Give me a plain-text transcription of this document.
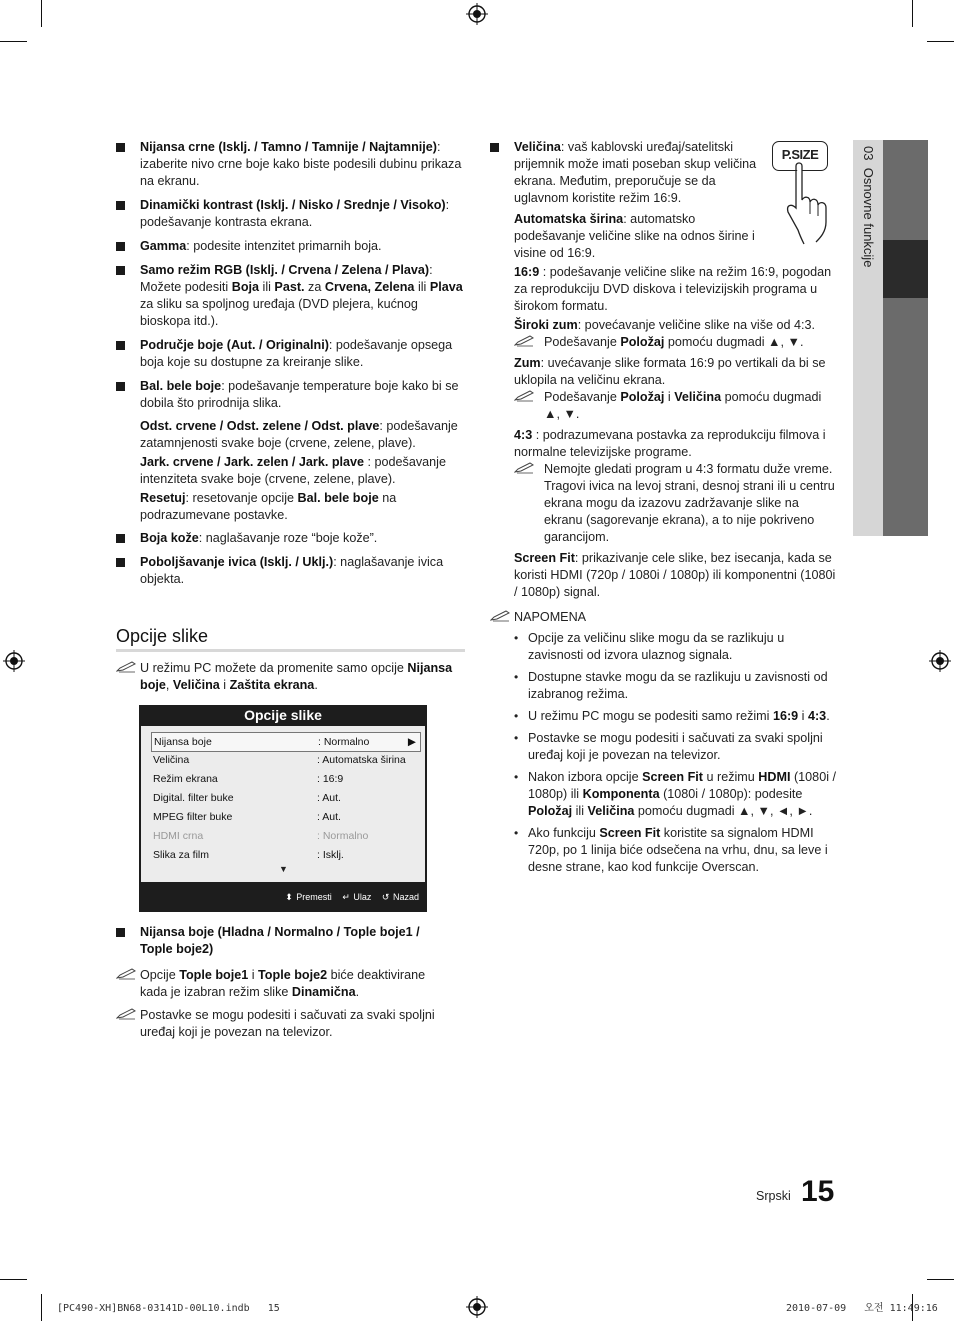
03  Osnovne funkcije
Nijansa crne (Isklj. / Tamno / Tamnije / Najtamnije): izaberite nivo crne boje kako biste podesili dubinu prikaza na ekranu.
Dinamički kontrast (Isklj. / Nisko / Srednje / Visoko): podešavanje kontrasta ekrana.
Gamma: podesite intenzitet primarnih boja.
Samo režim RGB (Isklj. / Crvena / Zelena / Plava): Možete podesiti Boja ili Past. za Crvena, Zelena ili Plava za sliku sa spoljnog uređaja (DVD plejera, kućnog bioskopa itd.).
Područje boje (Aut. / Originalni): podešavanje opsega boja koje su dostupne za kreiranje slike.
Bal. bele boje: podešavanje temperature boje kako bi se dobila što prirodnija slika.
Odst. crvene / Odst. zelene / Odst. plave: podešavanje zatamnjenosti svake boje (crvene, zelene, plave).
Jark. crvene / Jark. zelen / Jark. plave : podešavanje intenziteta svake boje (crvene, zelene, plave).
Resetuj: resetovanje opcije Bal. bele boje na podrazumevane postavke.
Boja kože: naglašavanje roze “boje kože”.
Poboljšavanje ivica (Isklj. / Uklj.): naglašavanje ivica objekta.
Opcije slike
U režimu PC možete da promenite samo opcije Nijansa boje, Veličina i Zaštita ekrana.
Opcije slike
Nijansa boje	: Normalno	▶
Veličina	: Automatska širina
Režim ekrana	: 16:9
Digital. filter buke	: Aut.
MPEG filter buke	: Aut.
HDMI crna	: Normalno
Slika za film	: Isklj.
▼
⬍ Premesti ↵ Ulaz ↺ Nazad
Nijansa boje (Hladna / Normalno / Tople boje1 / Tople boje2)
Opcije Tople boje1 i Tople boje2 biće deaktivirane kada je izabran režim slike Dinamična.
Postavke se mogu podesiti i sačuvati za svaki spoljni uređaj koji je povezan na televizor.
P.SIZE
Veličina: vaš kablovski uređaj/satelitski prijemnik može imati poseban skup veličina ekrana. Međutim, preporučuje se da uglavnom koristite režim 16:9.
Automatska širina: automatsko podešavanje veličine slike na odnos širine i visine od 16:9.
16:9 : podešavanje veličine slike na režim 16:9, pogodan za reprodukciju DVD diskova i televizijskih programa u širokom formatu.
Široki zum: povećavanje veličine slike na više od 4:3.
Podešavanje Položaj pomoću dugmadi ▲, ▼.
Zum: uvećavanje slike formata 16:9 po vertikali da bi se uklopila na veličinu ekrana.
Podešavanje Položaj i Veličina pomoću dugmadi ▲, ▼.
4:3 : podrazumevana postavka za reprodukciju filmova i normalne televizijske programe.
Nemojte gledati program u 4:3 formatu duže vreme. Tragovi ivica na levoj strani, desnoj strani ili u centru ekrana mogu da izazovu zadržavanje slike na ekranu (sagorevanje ekrana), a to nije pokriveno garancijom.
Screen Fit: prikazivanje cele slike, bez isecanja, kada se koristi HDMI (720p / 1080i / 1080p) ili komponentni (1080i / 1080p) signal.
NAPOMENA
• Opcije za veličinu slike mogu da se razlikuju u zavisnosti od izvora ulaznog signala.
• Dostupne stavke mogu da se razlikuju u zavisnosti od izabranog režima.
• U režimu PC mogu se podesiti samo režimi 16:9 i 4:3.
• Postavke se mogu podesiti i sačuvati za svaki spoljni uređaj koji je povezan na televizor.
• Nakon izbora opcije Screen Fit u režimu HDMI (1080i / 1080p) ili Komponenta (1080i / 1080p): podesite Položaj ili Veličina pomoću dugmadi ▲, ▼, ◄, ►.
• Ako funkciju Screen Fit koristite sa signalom HDMI 720p, po 1 linija biće odsečena na vrhu, dnu, sa leve i desne strane, kao kod funkcije Overscan.
Srpski 15
[PC490-XH]BN68-03141D-00L10.indb   15	2010-07-09   오전 11:49:16
